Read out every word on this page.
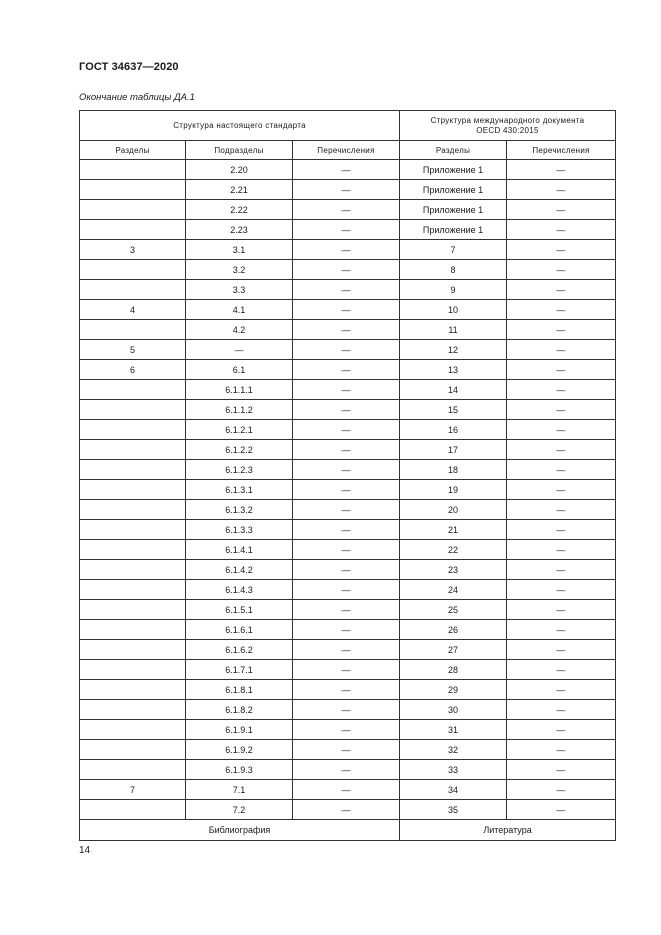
ГОСТ 34637—2020
Окончание таблицы ДА.1
Структура настоящего стандарта			Структура международного документа
OECD 430:2015	
Разделы	Подразделы	Перечисления	Разделы	Перечисления
	2.20	—	Приложение 1	—
	2.21	—	Приложение 1	—
	2.22	—	Приложение 1	—
	2.23	—	Приложение 1	—
3	3.1	—	7	—
	3.2	—	8	—
	3.3	—	9	—
4	4.1	—	10	—
	4.2	—	11	—
5	—	—	12	—
6	6.1	—	13	—
	6.1.1.1	—	14	—
	6.1.1.2	—	15	—
	6.1.2.1	—	16	—
	6.1.2.2	—	17	—
	6.1.2.3	—	18	—
	6.1.3.1	—	19	—
	6.1.3.2	—	20	—
	6.1.3.3	—	21	—
	6.1.4.1	—	22	—
	6.1.4.2	—	23	—
	6.1.4.3	—	24	—
	6.1.5.1	—	25	—
	6.1.6.1	—	26	—
	6.1.6.2	—	27	—
	6.1.7.1	—	28	—
	6.1.8.1	—	29	—
	6.1.8.2	—	30	—
	6.1.9.1	—	31	—
	6.1.9.2	—	32	—
	6.1.9.3	—	33	—
7	7.1	—	34	—
	7.2	—	35	—
Библиография			Литература	
14
